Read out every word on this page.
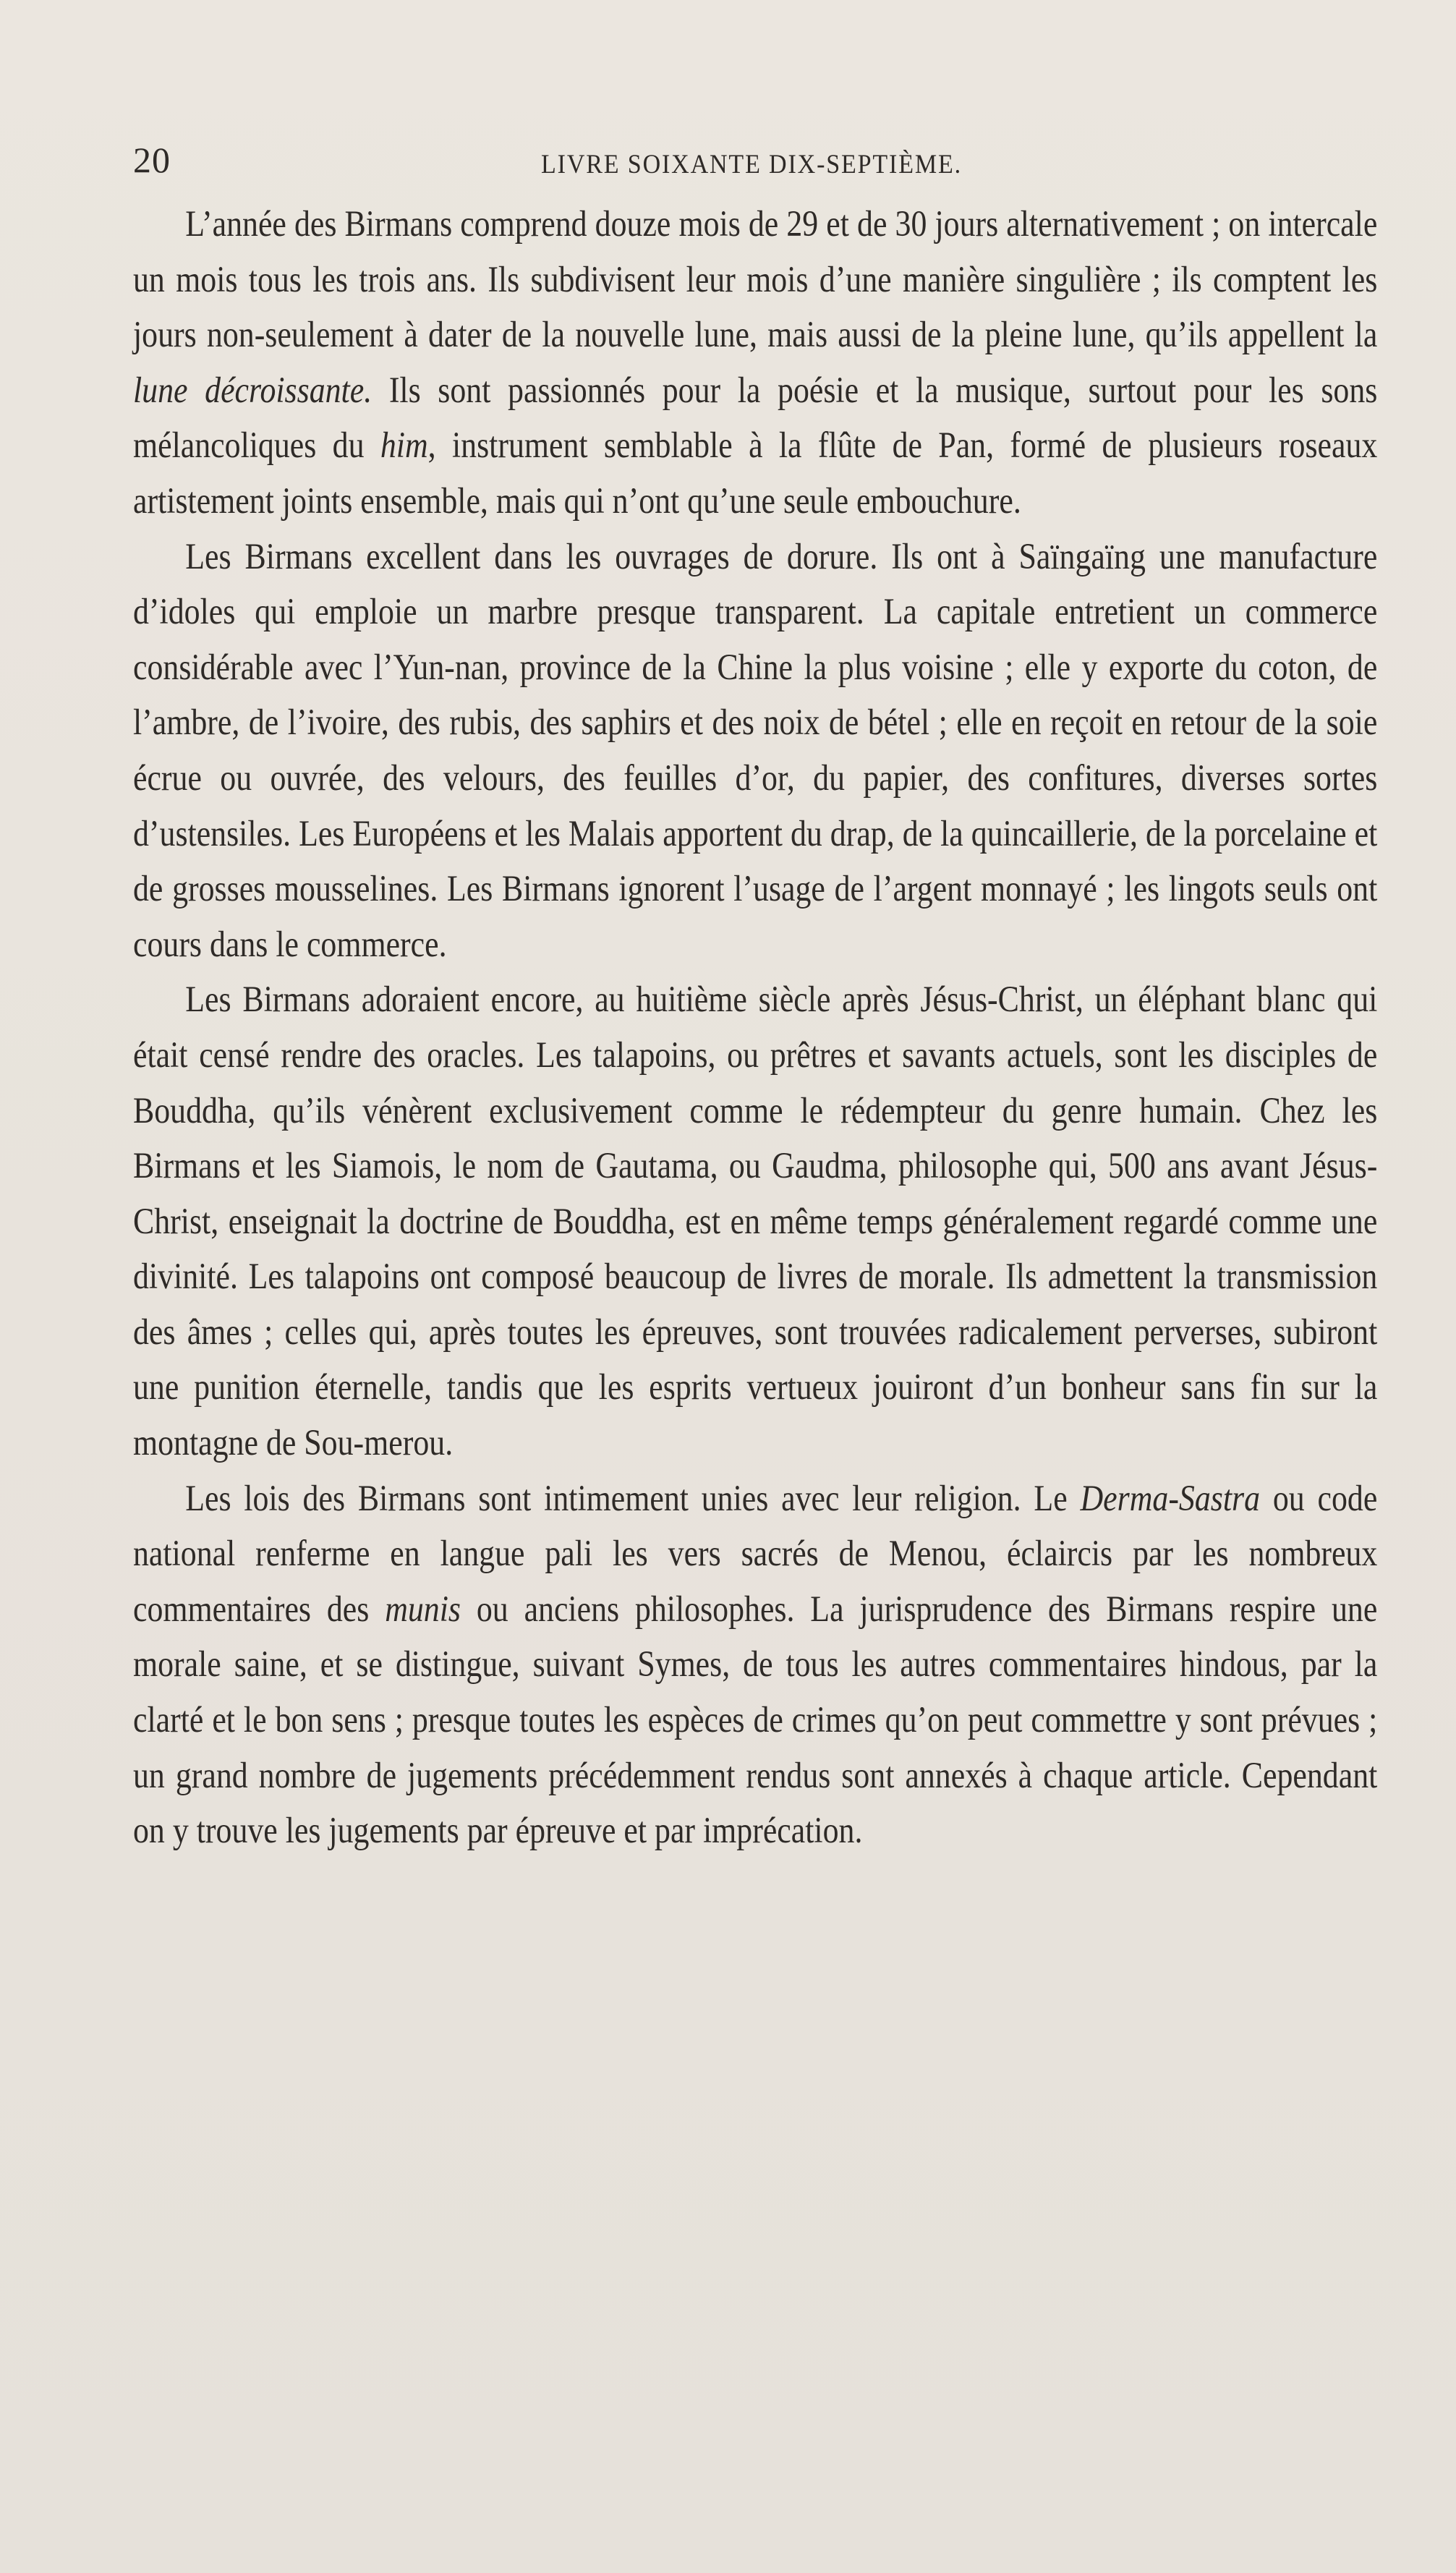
20	LIVRE SOIXANTE DIX-SEPTIÈME.

L’année des Birmans comprend douze mois de 29 et de 30 jours alternativement ; on intercale un mois tous les trois ans. Ils subdivisent leur mois d’une manière singulière ; ils comptent les jours non-seulement à dater de la nouvelle lune, mais aussi de la pleine lune, qu’ils appellent la lune décroissante. Ils sont passionnés pour la poésie et la musique, surtout pour les sons mélancoliques du him, instrument semblable à la flûte de Pan, formé de plusieurs roseaux artistement joints ensemble, mais qui n’ont qu’une seule embouchure.

Les Birmans excellent dans les ouvrages de dorure. Ils ont à Saïngaïng une manufacture d’idoles qui emploie un marbre presque transparent. La capitale entretient un commerce considérable avec l’Yun-nan, province de la Chine la plus voisine ; elle y exporte du coton, de l’ambre, de l’ivoire, des rubis, des saphirs et des noix de bétel ; elle en reçoit en retour de la soie écrue ou ouvrée, des velours, des feuilles d’or, du papier, des confitures, diverses sortes d’ustensiles. Les Européens et les Malais apportent du drap, de la quincaillerie, de la porcelaine et de grosses mousselines. Les Birmans ignorent l’usage de l’argent monnayé ; les lingots seuls ont cours dans le commerce.

Les Birmans adoraient encore, au huitième siècle après Jésus-Christ, un éléphant blanc qui était censé rendre des oracles. Les talapoins, ou prêtres et savants actuels, sont les disciples de Bouddha, qu’ils vénèrent exclusivement comme le rédempteur du genre humain. Chez les Birmans et les Siamois, le nom de Gautama, ou Gaudma, philosophe qui, 500 ans avant Jésus-Christ, enseignait la doctrine de Bouddha, est en même temps généralement regardé comme une divinité. Les talapoins ont composé beaucoup de livres de morale. Ils admettent la transmission des âmes ; celles qui, après toutes les épreuves, sont trouvées radicalement perverses, subiront une punition éternelle, tandis que les esprits vertueux jouiront d’un bonheur sans fin sur la montagne de Sou-merou.

Les lois des Birmans sont intimement unies avec leur religion. Le Derma-Sastra ou code national renferme en langue pali les vers sacrés de Menou, éclaircis par les nombreux commentaires des munis ou anciens philosophes. La jurisprudence des Birmans respire une morale saine, et se distingue, suivant Symes, de tous les autres commentaires hindous, par la clarté et le bon sens ; presque toutes les espèces de crimes qu’on peut commettre y sont prévues ; un grand nombre de jugements précédemment rendus sont annexés à chaque article. Cependant on y trouve les jugements par épreuve et par imprécation.
